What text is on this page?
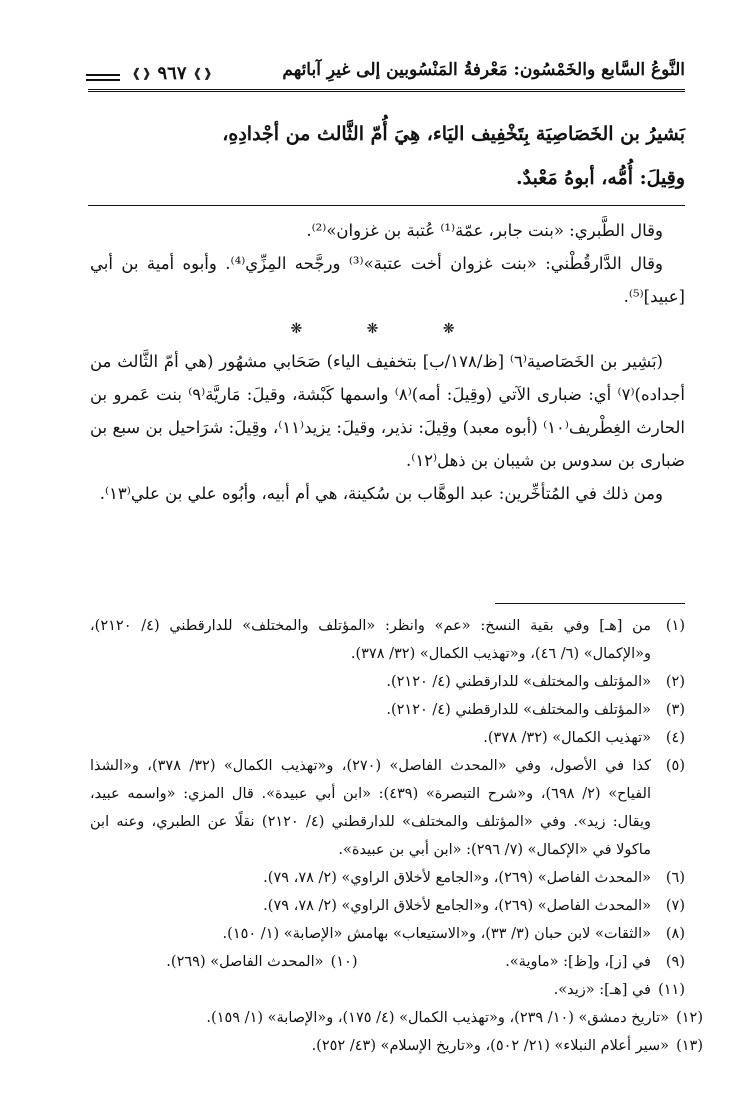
النَّوعُ السَّابع والخَمْسُون: مَعْرفةُ المَنْسُوبين إلى غيرِ آبائهم
❰❱
٩٦٧
❰❱
بَشيرُ بن الخَصَاصِيَة بِتَخْفِيف اليَاء، هِيَ أُمّ الثَّالث من أجْدادِهِ،
وقِيلَ: أُمُّه، أبوهُ مَعْبدٌ.

وقال الطَّبري: «بنت جابر، عمّة⁽¹⁾ عُتبة بن غزوان»⁽²⁾.

وقال الدَّارقُطْني: «بنت غزوان أخت عتبة»⁽³⁾ ورجَّحه المِزِّي⁽⁴⁾. وأبوه أمية بن أبي [عبيد]⁽⁵⁾.

❋ ❋ ❋

(بَشِير بن الخَصَاصية⁽٦⁾ [ظ/١٧٨/ب] بتخفيف الياء) صَحَابي مشهُور (هي أمّ الثَّالث من أجداده)⁽٧⁾ أي: ضبارى الآتي (وقِيلَ: أمه)⁽٨⁾ واسمها كَبْشة، وقيلَ: مَاريَّة⁽٩⁾ بنت عَمرو بن الحارث الغِطْريف⁽١٠⁾ (أبوه معبد) وقِيلَ: نذير، وقيلَ: يزيد⁽١١⁾، وقِيلَ: شرَاحيل بن سبع بن ضبارى بن سدوس بن شيبان بن ذهل⁽١٢⁾.

ومن ذلك في المُتأخِّرين: عبد الوهَّاب بن سُكينة، هي أم أبيه، وأبُوه علي بن علي⁽١٣⁾.

(١)
من [هـ] وفي بقية النسخ: «عم» وانظر: «المؤتلف والمختلف» للدارقطني (٤/ ٢١٢٠)، و«الإكمال» (٦/ ٤٦)، و«تهذيب الكمال» (٣٢/ ٣٧٨).
(٢)
«المؤتلف والمختلف» للدارقطني (٤/ ٢١٢٠).
(٣)
«المؤتلف والمختلف» للدارقطني (٤/ ٢١٢٠).
(٤)
«تهذيب الكمال» (٣٢/ ٣٧٨).
(٥)
كذا في الأصول، وفي «المحدث الفاصل» (٢٧٠)، و«تهذيب الكمال» (٣٢/ ٣٧٨)، و«الشذا الفياح» (٢/ ٦٩٨)، و«شرح التبصرة» (٤٣٩): «ابن أبي عبيدة». قال المزي: «واسمه عبيد، ويقال: زيد». وفي «المؤتلف والمختلف» للدارقطني (٤/ ٢١٢٠) نقلًا عن الطبري، وعنه ابن ماكولا في «الإكمال» (٧/ ٢٩٦): «ابن أبي بن عبيدة».
(٦)
«المحدث الفاصل» (٢٦٩)، و«الجامع لأخلاق الراوي» (٢/ ٧٨، ٧٩).
(٧)
«المحدث الفاصل» (٢٦٩)، و«الجامع لأخلاق الراوي» (٢/ ٧٨، ٧٩).
(٨)
«الثقات» لابن حبان (٣/ ٣٣)، و«الاستيعاب» بهامش «الإصابة» (١/ ١٥٠).
(٩)
في [ز]، و[ظ]: «ماوية».
(١٠)
«المحدث الفاصل» (٢٦٩).
(١١)
في [هـ]: «زيد».
(١٢)
«تاريخ دمشق» (١٠/ ٢٣٩)، و«تهذيب الكمال» (٤/ ١٧٥)، و«الإصابة» (١/ ١٥٩).
(١٣)
«سير أعلام النبلاء» (٢١/ ٥٠٢)، و«تاريخ الإسلام» (٤٣/ ٢٥٢).
